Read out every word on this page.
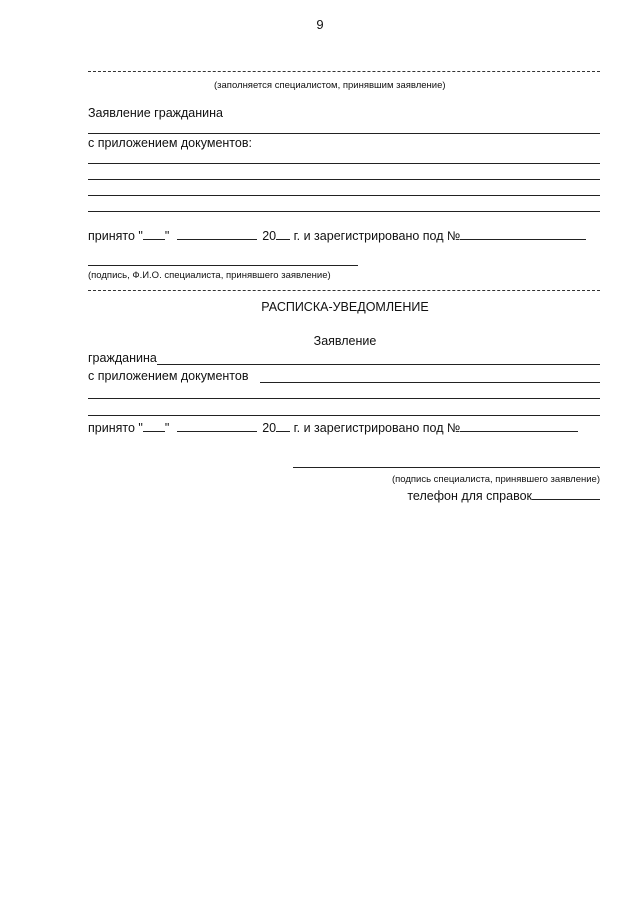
9
(заполняется специалистом, принявшим заявление)
Заявление гражданина
с приложением документов:
принято " "	20 г. и зарегистрировано под №
(подпись, Ф.И.О. специалиста, принявшего заявление)
РАСПИСКА-УВЕДОМЛЕНИЕ
Заявление
гражданина
с приложением документов
принято " "	20 г. и зарегистрировано под №
(подпись специалиста, принявшего заявление)
телефон для справок
